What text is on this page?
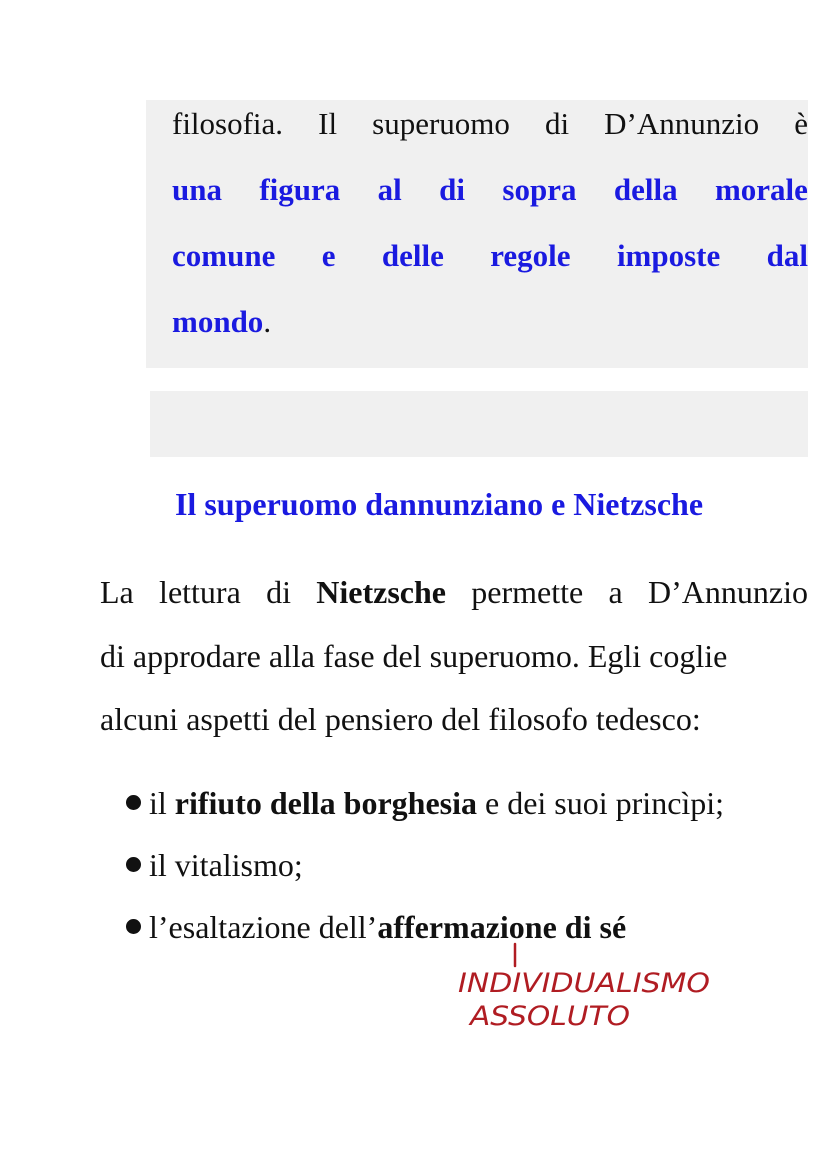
filosofia. Il superuomo di D’Annunzio è
una figura al di sopra della morale
comune e delle regole imposte dal
mondo.
Il superuomo dannunziano e Nietzsche
La lettura di Nietzsche permette a D’Annunzio
di approdare alla fase del superuomo. Egli coglie
alcuni aspetti del pensiero del filosofo tedesco:
il rifiuto della borghesia e dei suoi princìpi;
il vitalismo;
l’esaltazione dell’affermazione di sé
INDIVIDUALISMO
ASSOLUTO
